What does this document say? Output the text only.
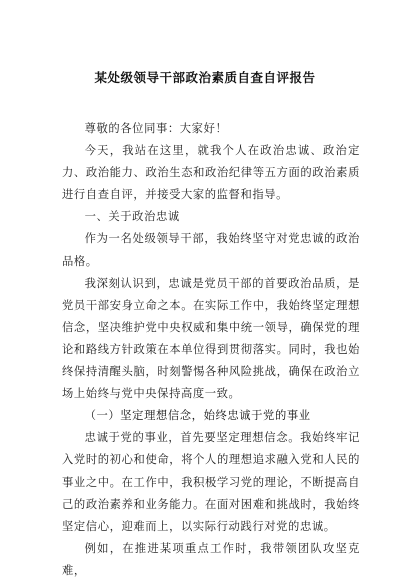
某处级领导干部政治素质自查自评报告

尊敬的各位同事：大家好！

今天，我站在这里，就我个人在政治忠诚、政治定力、政治能力、政治生态和政治纪律等五方面的政治素质进行自查自评，并接受大家的监督和指导。

一、关于政治忠诚

作为一名处级领导干部，我始终坚守对党忠诚的政治品格。

我深刻认识到，忠诚是党员干部的首要政治品质，是党员干部安身立命之本。在实际工作中，我始终坚定理想信念，坚决维护党中央权威和集中统一领导，确保党的理论和路线方针政策在本单位得到贯彻落实。同时，我也始终保持清醒头脑，时刻警惕各种风险挑战，确保在政治立场上始终与党中央保持高度一致。

（一）坚定理想信念，始终忠诚于党的事业

忠诚于党的事业，首先要坚定理想信念。我始终牢记入党时的初心和使命，将个人的理想追求融入党和人民的事业之中。在工作中，我积极学习党的理论，不断提高自己的政治素养和业务能力。在面对困难和挑战时，我始终坚定信心，迎难而上，以实际行动践行对党的忠诚。

例如，在推进某项重点工作时，我带领团队攻坚克难，
